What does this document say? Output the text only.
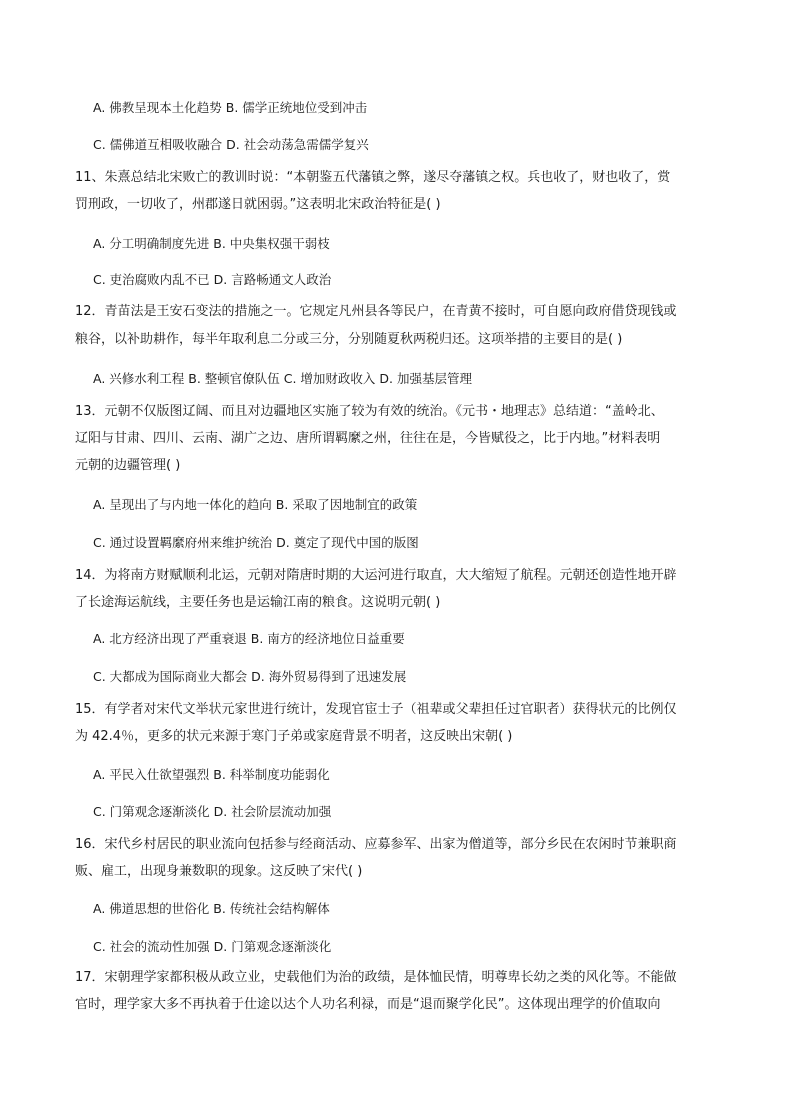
A. 佛教呈现本土化趋势 B. 儒学正统地位受到冲击
C. 儒佛道互相吸收融合 D. 社会动荡急需儒学复兴
11、朱熹总结北宋败亡的教训时说：“本朝鉴五代藩镇之弊，遂尽夺藩镇之权。兵也收了，财也收了，赏
罚刑政，一切收了，州郡遂日就困弱。”这表明北宋政治特征是( )
A. 分工明确制度先进 B. 中央集权强干弱枝
C. 吏治腐败内乱不已 D. 言路畅通文人政治
12．青苗法是王安石变法的措施之一。它规定凡州县各等民户，在青黄不接时，可自愿向政府借贷现钱或
粮谷，以补助耕作，每半年取利息二分或三分，分别随夏秋两税归还。这项举措的主要目的是( )
A. 兴修水利工程 B. 整顿官僚队伍 C. 增加财政收入 D. 加强基层管理
13．元朝不仅版图辽阔、而且对边疆地区实施了较为有效的统治。《元书・地理志》总结道：“盖岭北、
辽阳与甘肃、四川、云南、湖广之边、唐所谓羁縻之州，往往在是，今皆赋役之，比于内地。”材料表明
元朝的边疆管理( )
A. 呈现出了与内地一体化的趋向 B. 采取了因地制宜的政策
C. 通过设置羁縻府州来维护统治 D. 奠定了现代中国的版图
14．为将南方财赋顺利北运，元朝对隋唐时期的大运河进行取直，大大缩短了航程。元朝还创造性地开辟
了长途海运航线，主要任务也是运输江南的粮食。这说明元朝( )
A. 北方经济出现了严重衰退 B. 南方的经济地位日益重要
C. 大都成为国际商业大都会 D. 海外贸易得到了迅速发展
15．有学者对宋代文举状元家世进行统计，发现官宦士子（祖辈或父辈担任过官职者）获得状元的比例仅
为 42.4％，更多的状元来源于寒门子弟或家庭背景不明者，这反映出宋朝( )
A. 平民入仕欲望强烈 B. 科举制度功能弱化
C. 门第观念逐渐淡化 D. 社会阶层流动加强
16．宋代乡村居民的职业流向包括参与经商活动、应募参军、出家为僧道等，部分乡民在农闲时节兼职商
贩、雇工，出现身兼数职的现象。这反映了宋代( )
A. 佛道思想的世俗化 B. 传统社会结构解体
C. 社会的流动性加强 D. 门第观念逐渐淡化
17．宋朝理学家都积极从政立业，史载他们为治的政绩，是体恤民情，明尊卑长幼之类的风化等。不能做
官时，理学家大多不再执着于仕途以达个人功名利禄，而是“退而聚学化民”。这体现出理学的价值取向
